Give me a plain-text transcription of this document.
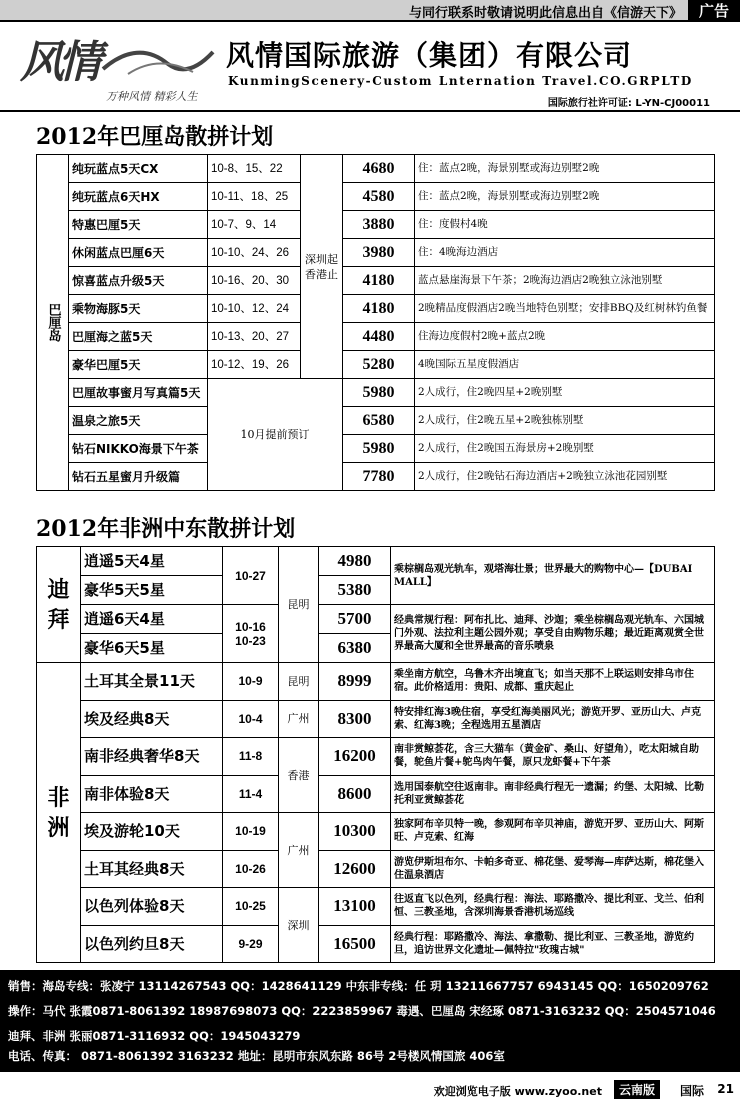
与同行联系时敬请说明此信息出自《信游天下》	广告
风情
万种风情 精彩人生
风情国际旅游（集团）有限公司
KunmingScenery-Custom Lnternation Travel.CO.GRPLTD
国际旅行社许可证: L-YN-CJ00011
2012年巴厘岛散拼计划
巴厘岛	纯玩蓝点5天CX	10-8、15、22	深圳起香港止	4680	住：蓝点2晚，海景别墅或海边别墅2晚
	纯玩蓝点6天HX	10-11、18、25		4580	住：蓝点2晚，海景别墅或海边别墅2晚
	特惠巴厘5天	10-7、9、14		3880	住：度假村4晚
	休闲蓝点巴厘6天	10-10、24、26		3980	住：4晚海边酒店
	惊喜蓝点升级5天	10-16、20、30		4180	蓝点悬崖海景下午茶；2晚海边酒店2晚独立泳池别墅
	乘物海豚5天	10-10、12、24		4180	2晚精品度假酒店2晚当地特色别墅；安排BBQ及红树林钓鱼餐
	巴厘海之蓝5天	10-13、20、27		4480	住海边度假村2晚+蓝点2晚
	豪华巴厘5天	10-12、19、26		5280	4晚国际五星度假酒店
	巴厘故事蜜月写真篇5天	10月提前预订		5980	2人成行，住2晚四星+2晚别墅
	温泉之旅5天			6580	2人成行，住2晚五星+2晚独栋别墅
	钻石NIKKO海景下午茶			5980	2人成行，住2晚国五海景房+2晚别墅
	钻石五星蜜月升级篇			7780	2人成行，住2晚钻石海边酒店+2晚独立泳池花园别墅
2012年非洲中东散拼计划
迪拜	逍遥5天4星	10-27	昆明	4980	乘棕榈岛观光轨车，观塔海壮景；世界最大的购物中心—【DUBAI MALL】
	豪华5天5星			5380	
	逍遥6天4星	10-16 10-23		5700	经典常规行程：阿布扎比、迪拜、沙迦；乘坐棕榈岛观光轨车、六国城门外观、法拉利主题公园外观；享受自由购物乐趣；最近距离观赏全世界最高大厦和全世界最高的音乐喷泉
	豪华6天5星			6380	
非洲	土耳其全景11天	10-9	昆明	8999	乘坐南方航空，乌鲁木齐出境直飞；如当天那不上联运则安排乌市住宿。此价格适用：贵阳、成都、重庆起止
	埃及经典8天	10-4	广州	8300	特安排红海3晚住宿，享受红海美丽风光；游览开罗、亚历山大、卢克索、红海3晚；全程选用五星酒店
	南非经典奢华8天	11-8	香港	16200	南非赏鲸荟花，含三大猫车（黄金矿、桑山、好望角），吃太阳城自助餐，鸵鱼片餐+鸵鸟肉午餐，原只龙虾餐+下午茶
	南非体验8天	11-4		8600	选用国泰航空往返南非。南非经典行程无一遗漏；约堡、太阳城、比勒托利亚赏鲸荟花
	埃及游轮10天	10-19	广州	10300	独家阿布辛贝特一晚，参观阿布辛贝神庙，游览开罗、亚历山大、阿斯旺、卢克索、红海
	土耳其经典8天	10-26		12600	游览伊斯坦布尔、卡帕多奇亚、棉花堡、爱琴海—库萨达斯，棉花堡入住温泉酒店
	以色列体验8天	10-25	深圳	13100	往返直飞以色列，经典行程：海法、耶路撒冷、提比利亚、戈兰、伯利恒、三教圣地，含深圳海景香港机场巡线
	以色列约旦8天	9-29		16500	经典行程：耶路撒冷、海法、拿撒勒、提比利亚、三教圣地，游览约旦，追访世界文化遗址—佩特拉"玫瑰古城"
销售：海岛专线：张凌宁 13114267543 QQ：1428641129 中东非专线：任 玥 13211667757 6943145 QQ：1650209762
操作：马代 张霞0871-8061392 18987698073 QQ：2223859967 毒遇、巴厘岛 宋经琢 0871-3163232 QQ：2504571046
迪拜、非洲 张丽0871-3116932 QQ：1945043279
电话、传真： 0871-8061392 3163232 地址：昆明市东风东路 86号 2号楼风情国旅 406室
欢迎浏览电子版 www.zyoo.net	云南版	国际 21
